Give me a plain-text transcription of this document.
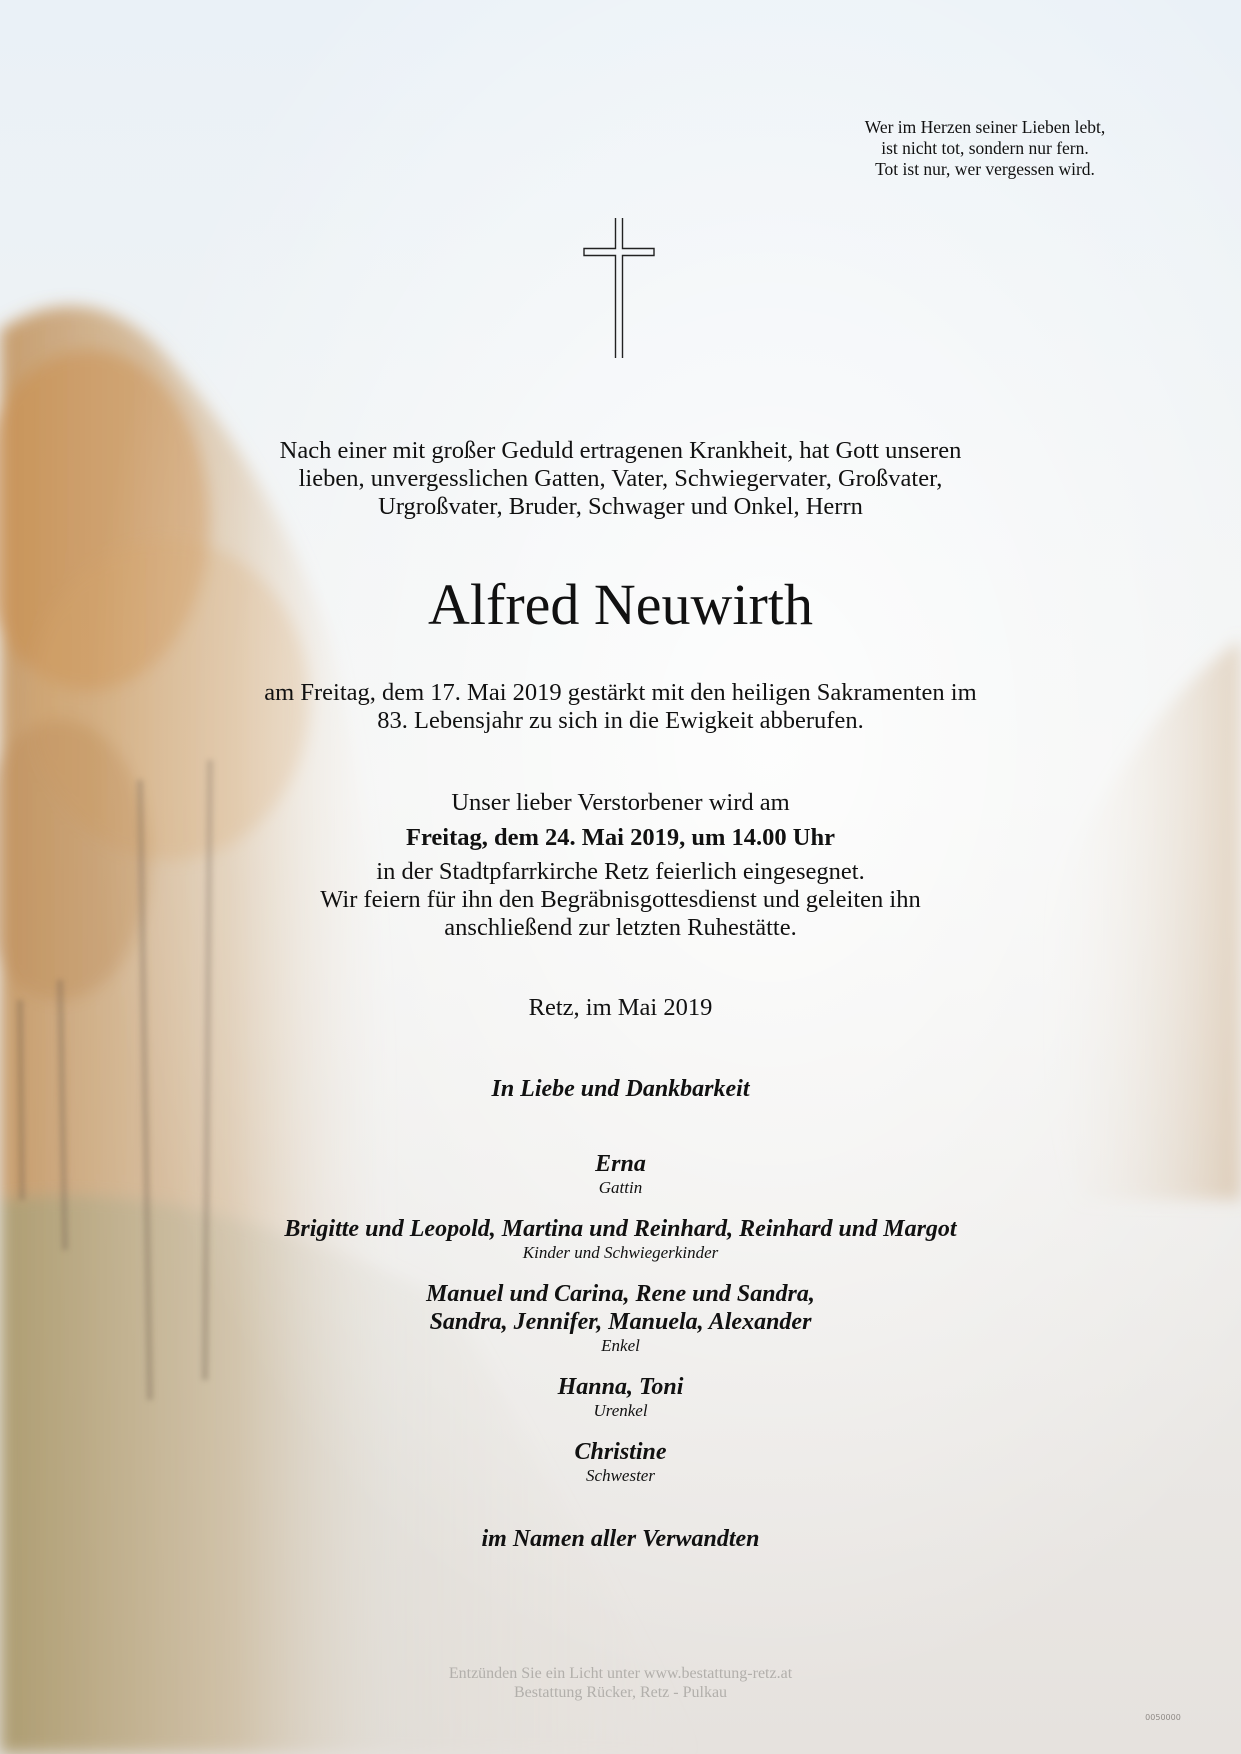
Wer im Herzen seiner Lieben lebt,
ist nicht tot, sondern nur fern.
Tot ist nur, wer vergessen wird.
Nach einer mit großer Geduld ertragenen Krankheit, hat Gott unseren
lieben, unvergesslichen Gatten, Vater, Schwiegervater, Großvater,
Urgroßvater, Bruder, Schwager und Onkel, Herrn
Alfred Neuwirth
am Freitag, dem 17. Mai 2019 gestärkt mit den heiligen Sakramenten im
83. Lebensjahr zu sich in die Ewigkeit abberufen.
Unser lieber Verstorbener wird am
Freitag, dem 24. Mai 2019, um 14.00 Uhr
in der Stadtpfarrkirche Retz feierlich eingesegnet.
Wir feiern für ihn den Begräbnisgottesdienst und geleiten ihn
anschließend zur letzten Ruhestätte.
Retz, im Mai 2019
In Liebe und Dankbarkeit
Erna
Gattin
Brigitte und Leopold, Martina und Reinhard, Reinhard und Margot
Kinder und Schwiegerkinder
Manuel und Carina, Rene und Sandra,
Sandra, Jennifer, Manuela, Alexander
Enkel
Hanna, Toni
Urenkel
Christine
Schwester
im Namen aller Verwandten
Entzünden Sie ein Licht unter www.bestattung-retz.at
Bestattung Rücker, Retz - Pulkau
0050000
